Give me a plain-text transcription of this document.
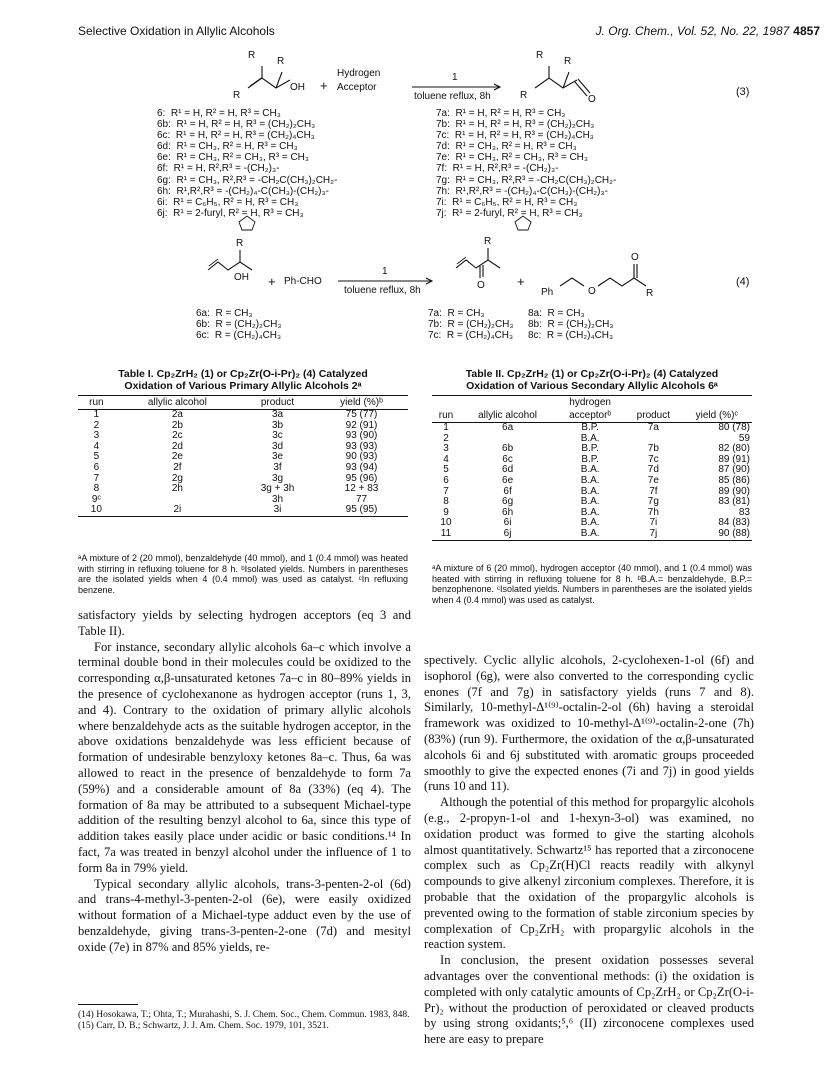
Selective Oxidation in Allylic Alcohols	J. Org. Chem., Vol. 52, No. 22, 1987 4857
R
R
R
OH +
Hydrogen
Acceptor
1
toluene reflux, 8h
R
R
R	O
(3)
6:  R¹ = H, R² = H, R³ = CH₃
6b:  R¹ = H, R² = H, R³ = (CH₂)₂CH₃
6c:  R¹ = H, R² = H, R³ = (CH₂)₄CH₃
6d:  R¹ = CH₃, R² = H, R³ = CH₃
6e:  R¹ = CH₃, R² = CH₃, R³ = CH₃
6f:  R¹ = H, R²,R³ = -(CH₂)₃-
6g:  R¹ = CH₃, R²,R³ = -CH₂C(CH₃)₂CH₂-
6h:  R¹,R²,R³ = -(CH₂)₄-C(CH₃)-(CH₂)₃-
6i:  R¹ = C₆H₅, R² = H, R³ = CH₃
6j:  R¹ = 2-furyl, R² = H, R³ = CH₃
7a:  R¹ = H, R² = H, R³ = CH₃
7b:  R¹ = H, R² = H, R³ = (CH₂)₂CH₃
7c:  R¹ = H, R² = H, R³ = (CH₂)₄CH₃
7d:  R¹ = CH₃, R² = H, R³ = CH₃
7e:  R¹ = CH₃, R² = CH₃, R³ = CH₃
7f:  R¹ = H, R²,R³ = -(CH₂)₃-
7g:  R¹ = CH₃, R²,R³ = -CH₂C(CH₃)₂CH₂-
7h:  R¹,R²,R³ = -(CH₂)₄-C(CH₃)-(CH₂)₃-
7i:  R¹ = C₆H₅, R² = H, R³ = CH₃
7j:  R¹ = 2-furyl, R² = H, R³ = CH₃
R
OH + Ph-CHO
1
toluene reflux, 8h
R
O +
Ph	O
O
R
(4)
6a:  R = CH₃
6b:  R = (CH₂)₂CH₃
6c:  R = (CH₂)₄CH₃
7a:  R = CH₃
7b:  R = (CH₂)₂CH₃
7c:  R = (CH₂)₄CH₃
8a:  R = CH₃
8b:  R = (CH₂)₂CH₃
8c:  R = (CH₂)₄CH₃
Table I. Cp₂ZrH₂ (1) or Cp₂Zr(O-i-Pr)₂ (4) Catalyzed
Oxidation of Various Primary Allylic Alcohols 2ᵃ
run	allylic alcohol	product	yield (%)ᵇ
1	2a	3a	75 (77)
2	2b	3b	92 (91)
3	2c	3c	93 (90)
4	2d	3d	93 (93)
5	2e	3e	90 (93)
6	2f	3f	93 (94)
7	2g	3g	95 (96)
8	2h	3g + 3h	12 + 83
9ᶜ		3h	77
10	2i	3i	95 (95)
ᵃA mixture of 2 (20 mmol), benzaldehyde (40 mmol), and 1 (0.4 mmol) was heated with stirring in refluxing toluene for 8 h. ᵇIsolated yields. Numbers in parentheses are the isolated yields when 4 (0.4 mmol) was used as catalyst. ᶜIn refluxing benzene.
Table II. Cp₂ZrH₂ (1) or Cp₂Zr(O-i-Pr)₂ (4) Catalyzed
Oxidation of Various Secondary Allylic Alcohols 6ᵃ
		hydrogen		
run	allylic alcohol	acceptorᵇ	product	yield (%)ᶜ
1	6a	B.P.	7a	80 (78)
2		B.A.		59
3	6b	B.P.	7b	82 (80)
4	6c	B.P.	7c	89 (91)
5	6d	B.A.	7d	87 (90)
6	6e	B.A.	7e	85 (86)
7	6f	B.A.	7f	89 (90)
8	6g	B.A.	7g	83 (81)
9	6h	B.A.	7h	83
10	6i	B.A.	7i	84 (83)
11	6j	B.A.	7j	90 (88)
ᵃA mixture of 6 (20 mmol), hydrogen acceptor (40 mmol), and 1 (0.4 mmol) was heated with stirring in refluxing toluene for 8 h. ᵇB.A.= benzaldehyde, B.P.= benzophenone. ᶜIsolated yields. Numbers in parentheses are the isolated yields when 4 (0.4 mmol) was used as catalyst.

satisfactory yields by selecting hydrogen acceptors (eq 3 and Table II).

For instance, secondary allylic alcohols 6a–c which involve a terminal double bond in their molecules could be oxidized to the corresponding α,β-unsaturated ketones 7a–c in 80–89% yields in the presence of cyclohexanone as hydrogen acceptor (runs 1, 3, and 4). Contrary to the oxidation of primary allylic alcohols where benzaldehyde acts as the suitable hydrogen acceptor, in the above oxidations benzaldehyde was less efficient because of formation of undesirable benzyloxy ketones 8a–c. Thus, 6a was allowed to react in the presence of benzaldehyde to form 7a (59%) and a considerable amount of 8a (33%) (eq 4). The formation of 8a may be attributed to a subsequent Michael-type addition of the resulting benzyl alcohol to 6a, since this type of addition takes easily place under acidic or basic conditions.¹⁴ In fact, 7a was treated in benzyl alcohol under the influence of 1 to form 8a in 79% yield.

Typical secondary allylic alcohols, trans-3-penten-2-ol (6d) and trans-4-methyl-3-penten-2-ol (6e), were easily oxidized without formation of a Michael-type adduct even by the use of benzaldehyde, giving trans-3-penten-2-one (7d) and mesityl oxide (7e) in 87% and 85% yields, re-

spectively. Cyclic allylic alcohols, 2-cyclohexen-1-ol (6f) and isophorol (6g), were also converted to the corresponding cyclic enones (7f and 7g) in satisfactory yields (runs 7 and 8). Similarly, 10-methyl-Δ¹⁽⁹⁾-octalin-2-ol (6h) having a steroidal framework was oxidized to 10-methyl-Δ¹⁽⁹⁾-octalin-2-one (7h) (83%) (run 9). Furthermore, the oxidation of the α,β-unsaturated alcohols 6i and 6j substituted with aromatic groups proceeded smoothly to give the expected enones (7i and 7j) in good yields (runs 10 and 11).

Although the potential of this method for propargylic alcohols (e.g., 2-propyn-1-ol and 1-hexyn-3-ol) was examined, no oxidation product was formed to give the starting alcohols almost quantitatively. Schwartz¹⁵ has reported that a zirconocene complex such as Cp₂Zr(H)Cl reacts readily with alkynyl compounds to give alkenyl zirconium complexes. Therefore, it is probable that the oxidation of the propargylic alcohols is prevented owing to the formation of stable zirconium species by complexation of Cp₂ZrH₂ with propargylic alcohols in the reaction system.

In conclusion, the present oxidation possesses several advantages over the conventional methods: (i) the oxidation is completed with only catalytic amounts of Cp₂ZrH₂ or Cp₂Zr(O-i-Pr)₂ without the production of peroxidated or cleaved products by using strong oxidants;⁵,⁶ (II) zirconocene complexes used here are easy to prepare

(14) Hosokawa, T.; Ohta, T.; Murahashi, S. J. Chem. Soc., Chem. Commun. 1983, 848.
(15) Carr, D. B.; Schwartz, J. J. Am. Chem. Soc. 1979, 101, 3521.
